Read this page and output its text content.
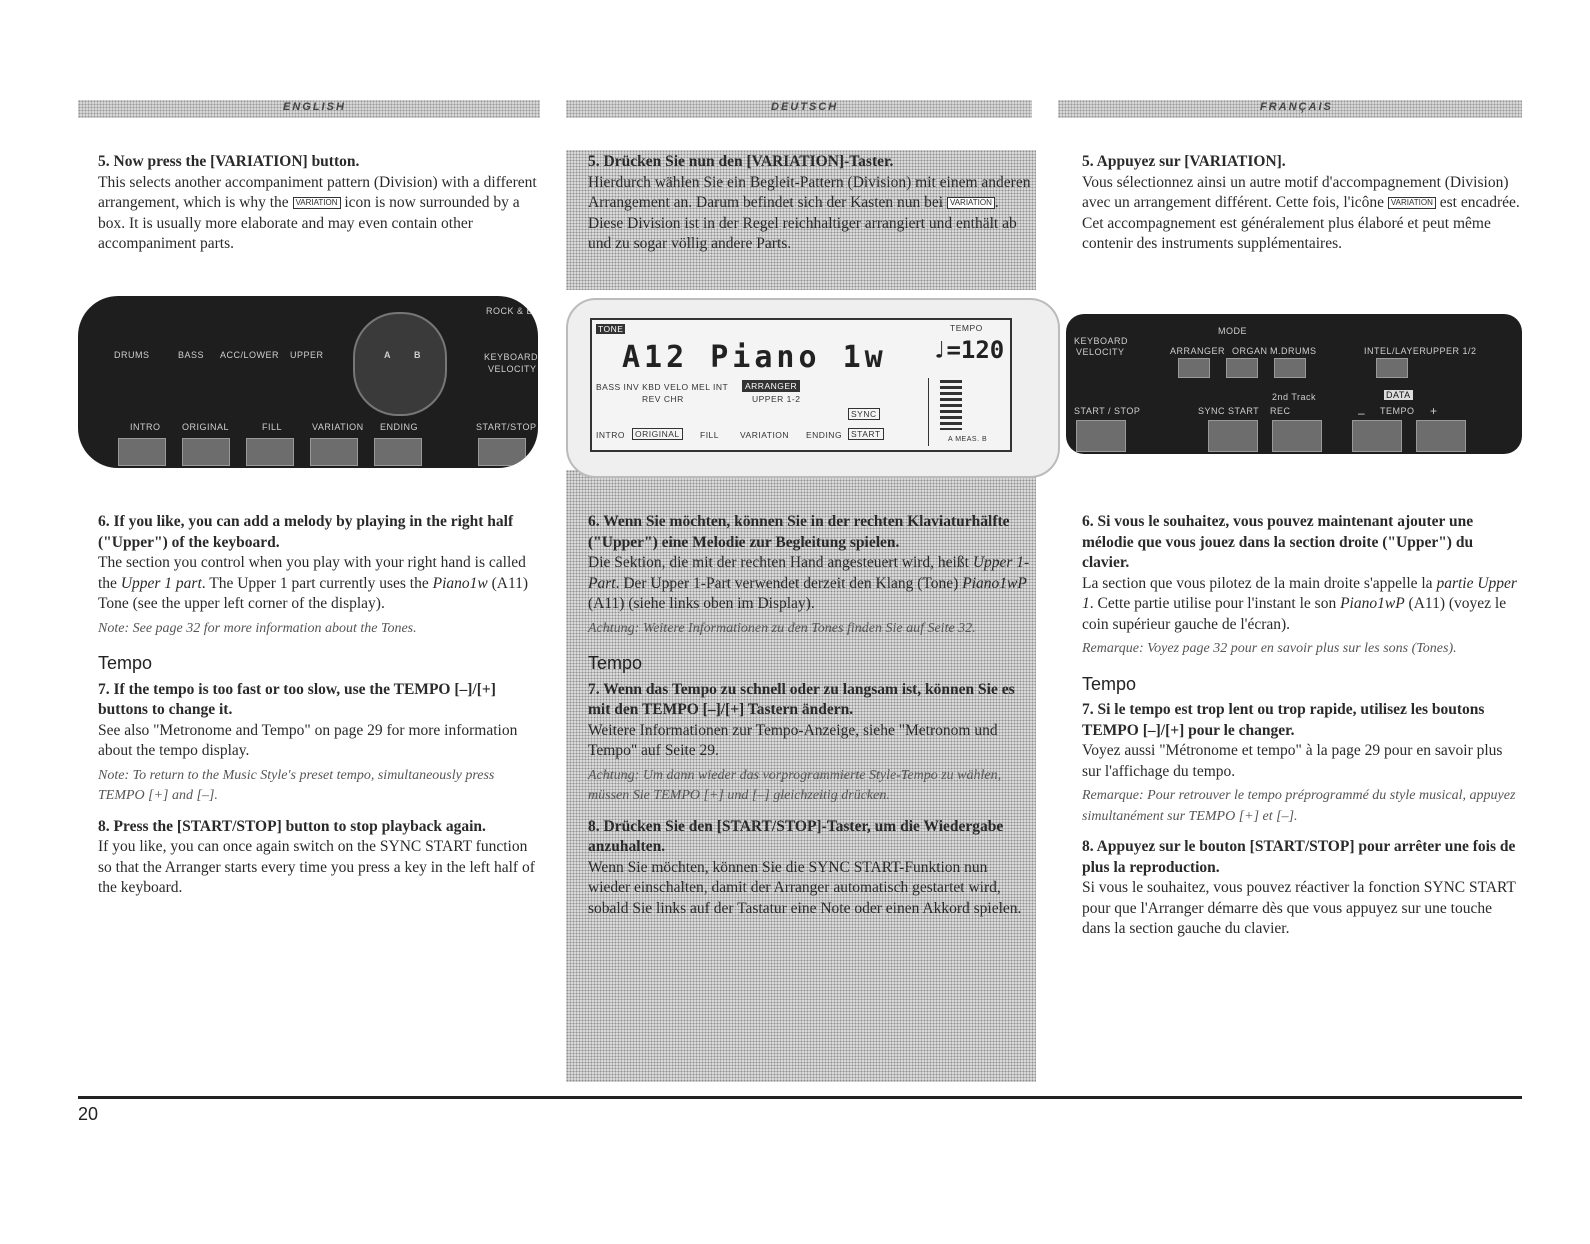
ENGLISH	DEUTSCH	FRANÇAIS

5. Now press the [VARIATION] button.

This selects another accompaniment pattern (Division) with a different arrangement, which is why the VARIATION icon is now surrounded by a box. It is usually more elaborate and may even contain other accompaniment parts.

6. If you like, you can add a melody by playing in the right half ("Upper") of the keyboard.

The section you control when you play with your right hand is called the Upper 1 part. The Upper 1 part currently uses the Piano1w (A11) Tone (see the upper left corner of the display).

Note: See page 32 for more information about the Tones.

Tempo

7. If the tempo is too fast or too slow, use the TEMPO [–]/[+] buttons to change it.

See also "Metronome and Tempo" on page 29 for more information about the tempo display.

Note: To return to the Music Style's preset tempo, simultaneously press TEMPO [+] and [–].

8. Press the [START/STOP] button to stop playback again.

If you like, you can once again switch on the SYNC START function so that the Arranger starts every time you press a key in the left half of the keyboard.

5. Drücken Sie nun den [VARIATION]-Taster.

Hierdurch wählen Sie ein Begleit-Pattern (Division) mit einem anderen Arrangement an. Darum befindet sich der Kasten nun bei VARIATION . Diese Division ist in der Regel reichhaltiger arrangiert und enthält ab und zu sogar völlig andere Parts.

6. Wenn Sie möchten, können Sie in der rechten Klaviaturhälfte ("Upper") eine Melodie zur Begleitung spielen.

Die Sektion, die mit der rechten Hand angesteuert wird, heißt Upper 1-Part. Der Upper 1-Part verwendet derzeit den Klang (Tone) Piano1wP (A11) (siehe links oben im Display).

Achtung: Weitere Informationen zu den Tones finden Sie auf Seite 32.

Tempo

7. Wenn das Tempo zu schnell oder zu langsam ist, können Sie es mit den TEMPO [–]/[+] Tastern ändern.

Weitere Informationen zur Tempo-Anzeige, siehe "Metronom und Tempo" auf Seite 29.

Achtung: Um dann wieder das vorprogrammierte Style-Tempo zu wählen, müssen Sie TEMPO [+] und [–] gleichzeitig drücken.

8. Drücken Sie den [START/STOP]-Taster, um die Wiedergabe anzuhalten.

Wenn Sie möchten, können Sie die SYNC START-Funktion nun wieder einschalten, damit der Arranger automatisch gestartet wird, sobald Sie links auf der Tastatur eine Note oder einen Akkord spielen.

5. Appuyez sur [VARIATION].

Vous sélectionnez ainsi un autre motif d'accompagnement (Division) avec un arrangement différent. Cette fois, l'icône VARIATION est encadrée. Cet accompagnement est généralement plus élaboré et peut même contenir des instruments supplémentaires.

6. Si vous le souhaitez, vous pouvez maintenant ajouter une mélodie que vous jouez dans la section droite ("Upper") du clavier.

La section que vous pilotez de la main droite s'appelle la partie Upper 1. Cette partie utilise pour l'instant le son Piano1wP (A11) (voyez le coin supérieur gauche de l'écran).

Remarque: Voyez page 32 pour en savoir plus sur les sons (Tones).

Tempo

7. Si le tempo est trop lent ou trop rapide, utilisez les boutons TEMPO [–]/[+] pour le changer.

Voyez aussi "Métronome et tempo" à la page 29 pour en savoir plus sur l'affichage du tempo.

Remarque: Pour retrouver le tempo préprogrammé du style musical, appuyez simultanément sur TEMPO [+] et [–].

8. Appuyez sur le bouton [START/STOP] pour arrêter une fois de plus la reproduction.

Si vous le souhaitez, vous pouvez réactiver la fonction SYNC START pour que l'Arranger démarre dès que vous appuyez sur une touche dans la section gauche du clavier.

ROCK & B
DRUMS	BASS ACC/LOWER UPPER	A	B	KEYBOARD
VELOCITY
INTRO ORIGINAL	FILL	VARIATION ENDING	START/STOP
TONE
A12 Piano 1w
TEMPO
♩=120
BASS INV KBD VELO MEL INT	ARRANGER
REV CHR	UPPER 1-2
SYNC
INTRO	ORIGINAL	FILL VARIATION ENDING	START
A MEAS. B
KEYBOARD
VELOCITY
MODE
ARRANGER ORGAN M.DRUMS	INTEL/LAYER UPPER 1/2
2nd Track	DATA
START / STOP	SYNC START REC	– TEMPO +
20
